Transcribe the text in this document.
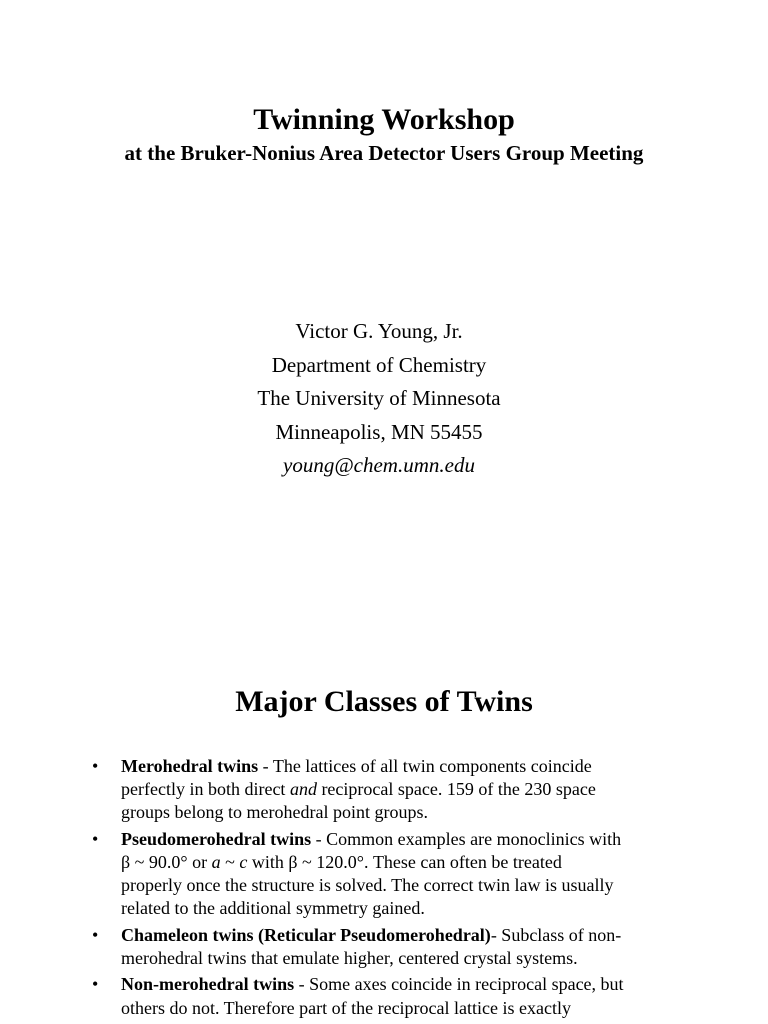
Twinning Workshop
at the Bruker-Nonius Area Detector Users Group Meeting
Victor G. Young, Jr.
Department of Chemistry
The University of Minnesota
Minneapolis, MN 55455
young@chem.umn.edu
Major Classes of Twins
• Merohedral twins - The lattices of all twin components coincide
perfectly in both direct and reciprocal space. 159 of the 230 space
groups belong to merohedral point groups.
• Pseudomerohedral twins - Common examples are monoclinics with
β ~ 90.0° or a ~ c with β ~ 120.0°. These can often be treated
properly once the structure is solved. The correct twin law is usually
related to the additional symmetry gained.
• Chameleon twins (Reticular Pseudomerohedral)- Subclass of non-
merohedral twins that emulate higher, centered crystal systems.
• Non-merohedral twins - Some axes coincide in reciprocal space, but
others do not. Therefore part of the reciprocal lattice is exactly
